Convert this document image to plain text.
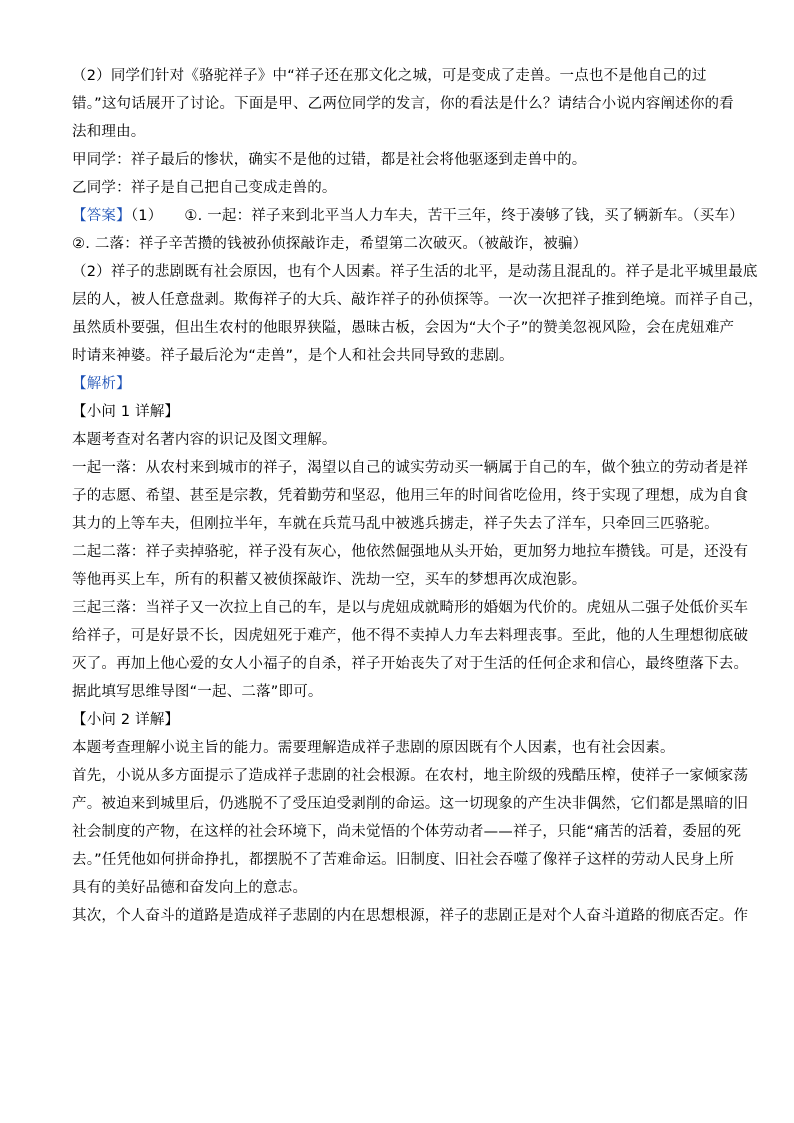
（2）同学们针对《骆驼祥子》中“祥子还在那文化之城，可是变成了走兽。一点也不是他自己的过
错。”这句话展开了讨论。下面是甲、乙两位同学的发言，你的看法是什么？请结合小说内容阐述你的看
法和理由。
甲同学：祥子最后的惨状，确实不是他的过错，都是社会将他驱逐到走兽中的。
乙同学：祥子是自己把自己变成走兽的。
【答案】（1） ①. 一起：祥子来到北平当人力车夫，苦干三年，终于凑够了钱，买了辆新车。（买车）
②. 二落：祥子辛苦攒的钱被孙侦探敲诈走，希望第二次破灭。（被敲诈，被骗）
（2）祥子的悲剧既有社会原因，也有个人因素。祥子生活的北平，是动荡且混乱的。祥子是北平城里最底
层的人，被人任意盘剥。欺侮祥子的大兵、敲诈祥子的孙侦探等。一次一次把祥子推到绝境。而祥子自己，
虽然质朴要强，但出生农村的他眼界狭隘，愚昧古板，会因为“大个子”的赞美忽视风险，会在虎妞难产
时请来神婆。祥子最后沦为“走兽”，是个人和社会共同导致的悲剧。
【解析】
【小问 1 详解】
本题考查对名著内容的识记及图文理解。
一起一落：从农村来到城市的祥子，渴望以自己的诚实劳动买一辆属于自己的车，做个独立的劳动者是祥
子的志愿、希望、甚至是宗教，凭着勤劳和坚忍，他用三年的时间省吃俭用，终于实现了理想，成为自食
其力的上等车夫，但刚拉半年，车就在兵荒马乱中被逃兵掳走，祥子失去了洋车，只牵回三匹骆驼。
二起二落：祥子卖掉骆驼，祥子没有灰心，他依然倔强地从头开始，更加努力地拉车攒钱。可是，还没有
等他再买上车，所有的积蓄又被侦探敲诈、洗劫一空，买车的梦想再次成泡影。
三起三落：当祥子又一次拉上自己的车，是以与虎妞成就畸形的婚姻为代价的。虎妞从二强子处低价买车
给祥子，可是好景不长，因虎妞死于难产，他不得不卖掉人力车去料理丧事。至此，他的人生理想彻底破
灭了。再加上他心爱的女人小福子的自杀，祥子开始丧失了对于生活的任何企求和信心，最终堕落下去。
据此填写思维导图“一起、二落”即可。
【小问 2 详解】
本题考查理解小说主旨的能力。需要理解造成祥子悲剧的原因既有个人因素，也有社会因素。
首先，小说从多方面提示了造成祥子悲剧的社会根源。在农村，地主阶级的残酷压榨，使祥子一家倾家荡
产。被迫来到城里后，仍逃脱不了受压迫受剥削的命运。这一切现象的产生决非偶然，它们都是黑暗的旧
社会制度的产物，在这样的社会环境下，尚未觉悟的个体劳动者——祥子，只能“痛苦的活着，委屈的死
去。”任凭他如何拼命挣扎，都摆脱不了苦难命运。旧制度、旧社会吞噬了像祥子这样的劳动人民身上所
具有的美好品德和奋发向上的意志。
其次，个人奋斗的道路是造成祥子悲剧的内在思想根源，祥子的悲剧正是对个人奋斗道路的彻底否定。作
